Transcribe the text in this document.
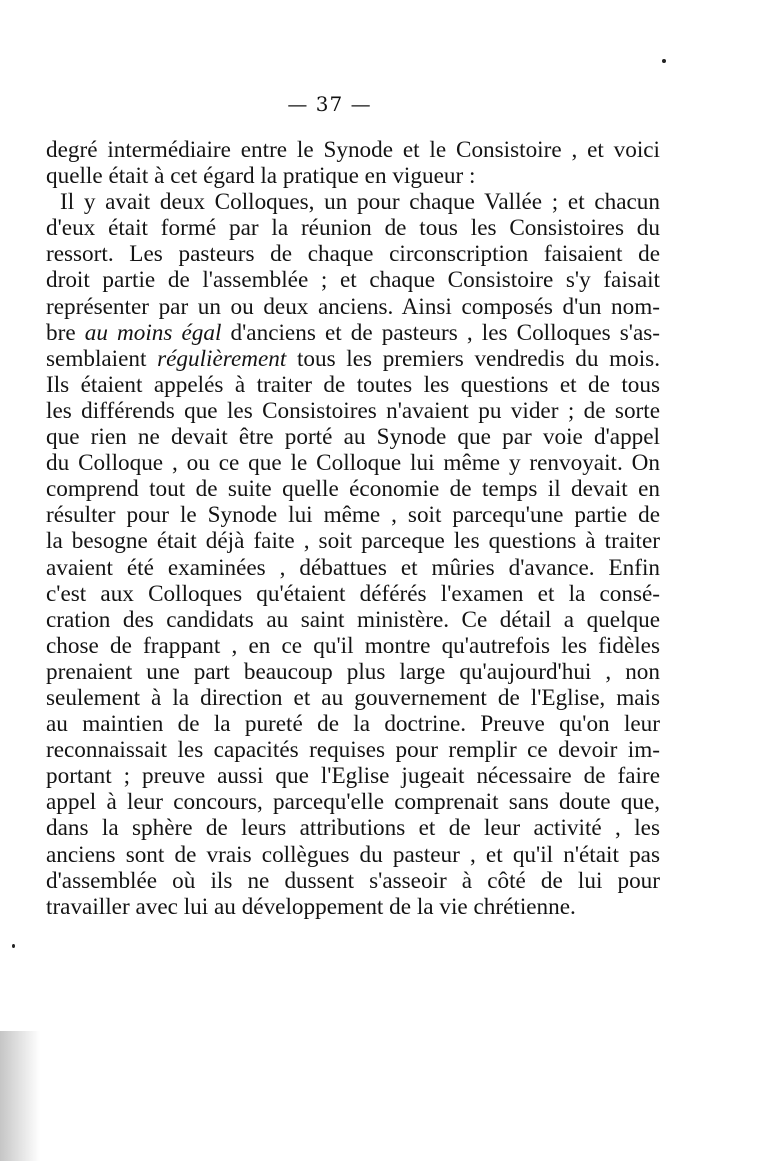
— 37 —
degré intermédiaire entre le Synode et le Consistoire , et voici
quelle était à cet égard la pratique en vigueur :
Il y avait deux Colloques, un pour chaque Vallée ; et chacun
d'eux était formé par la réunion de tous les Consistoires du
ressort. Les pasteurs de chaque circonscription faisaient de
droit partie de l'assemblée ; et chaque Consistoire s'y faisait
représenter par un ou deux anciens. Ainsi composés d'un nom-
bre au moins égal d'anciens et de pasteurs , les Colloques s'as-
semblaient régulièrement tous les premiers vendredis du mois.
Ils étaient appelés à traiter de toutes les questions et de tous
les différends que les Consistoires n'avaient pu vider ; de sorte
que rien ne devait être porté au Synode que par voie d'appel
du Colloque , ou ce que le Colloque lui même y renvoyait. On
comprend tout de suite quelle économie de temps il devait en
résulter pour le Synode lui même , soit parcequ'une partie de
la besogne était déjà faite , soit parceque les questions à traiter
avaient été examinées , débattues et mûries d'avance. Enfin
c'est aux Colloques qu'étaient déférés l'examen et la consé-
cration des candidats au saint ministère. Ce détail a quelque
chose de frappant , en ce qu'il montre qu'autrefois les fidèles
prenaient une part beaucoup plus large qu'aujourd'hui , non
seulement à la direction et au gouvernement de l'Eglise, mais
au maintien de la pureté de la doctrine. Preuve qu'on leur
reconnaissait les capacités requises pour remplir ce devoir im-
portant ; preuve aussi que l'Eglise jugeait nécessaire de faire
appel à leur concours, parcequ'elle comprenait sans doute que,
dans la sphère de leurs attributions et de leur activité , les
anciens sont de vrais collègues du pasteur , et qu'il n'était pas
d'assemblée où ils ne dussent s'asseoir à côté de lui pour
travailler avec lui au développement de la vie chrétienne.
